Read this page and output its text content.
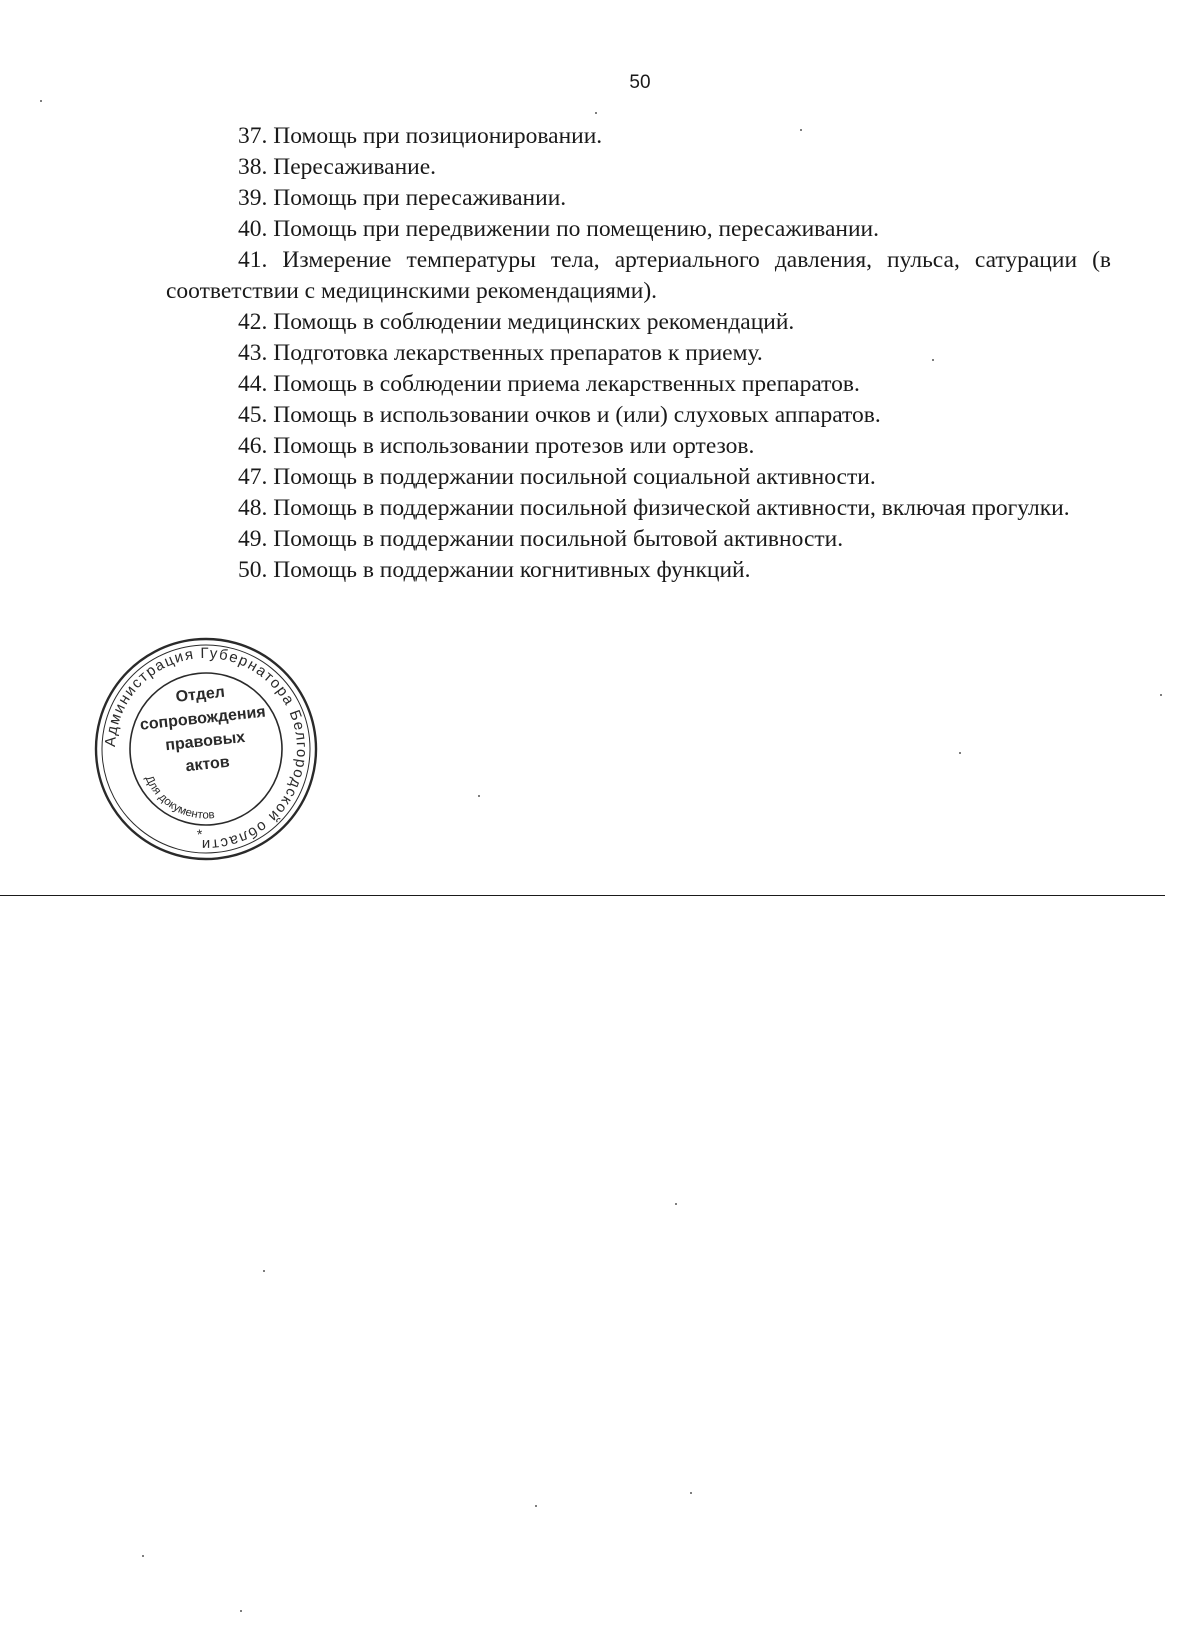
50

37. Помощь при позиционировании.

38. Пересаживание.

39. Помощь при пересаживании.

40. Помощь при передвижении по помещению, пересаживании.

41. Измерение температуры тела, артериального давления, пульса, сатурации (в соответствии с медицинскими рекомендациями).

42. Помощь в соблюдении медицинских рекомендаций.

43. Подготовка лекарственных препаратов к приему.

44. Помощь в соблюдении приема лекарственных препаратов.

45. Помощь в использовании очков и (или) слуховых аппаратов.

46. Помощь в использовании протезов или ортезов.

47. Помощь в поддержании посильной социальной активности.

48. Помощь в поддержании посильной физической активности, включая прогулки.

49. Помощь в поддержании посильной бытовой активности.

50. Помощь в поддержании когнитивных функций.

Администрация Губернатора Белгородской области
Для документов
Отдел
сопровождения
правовых
актов
*
